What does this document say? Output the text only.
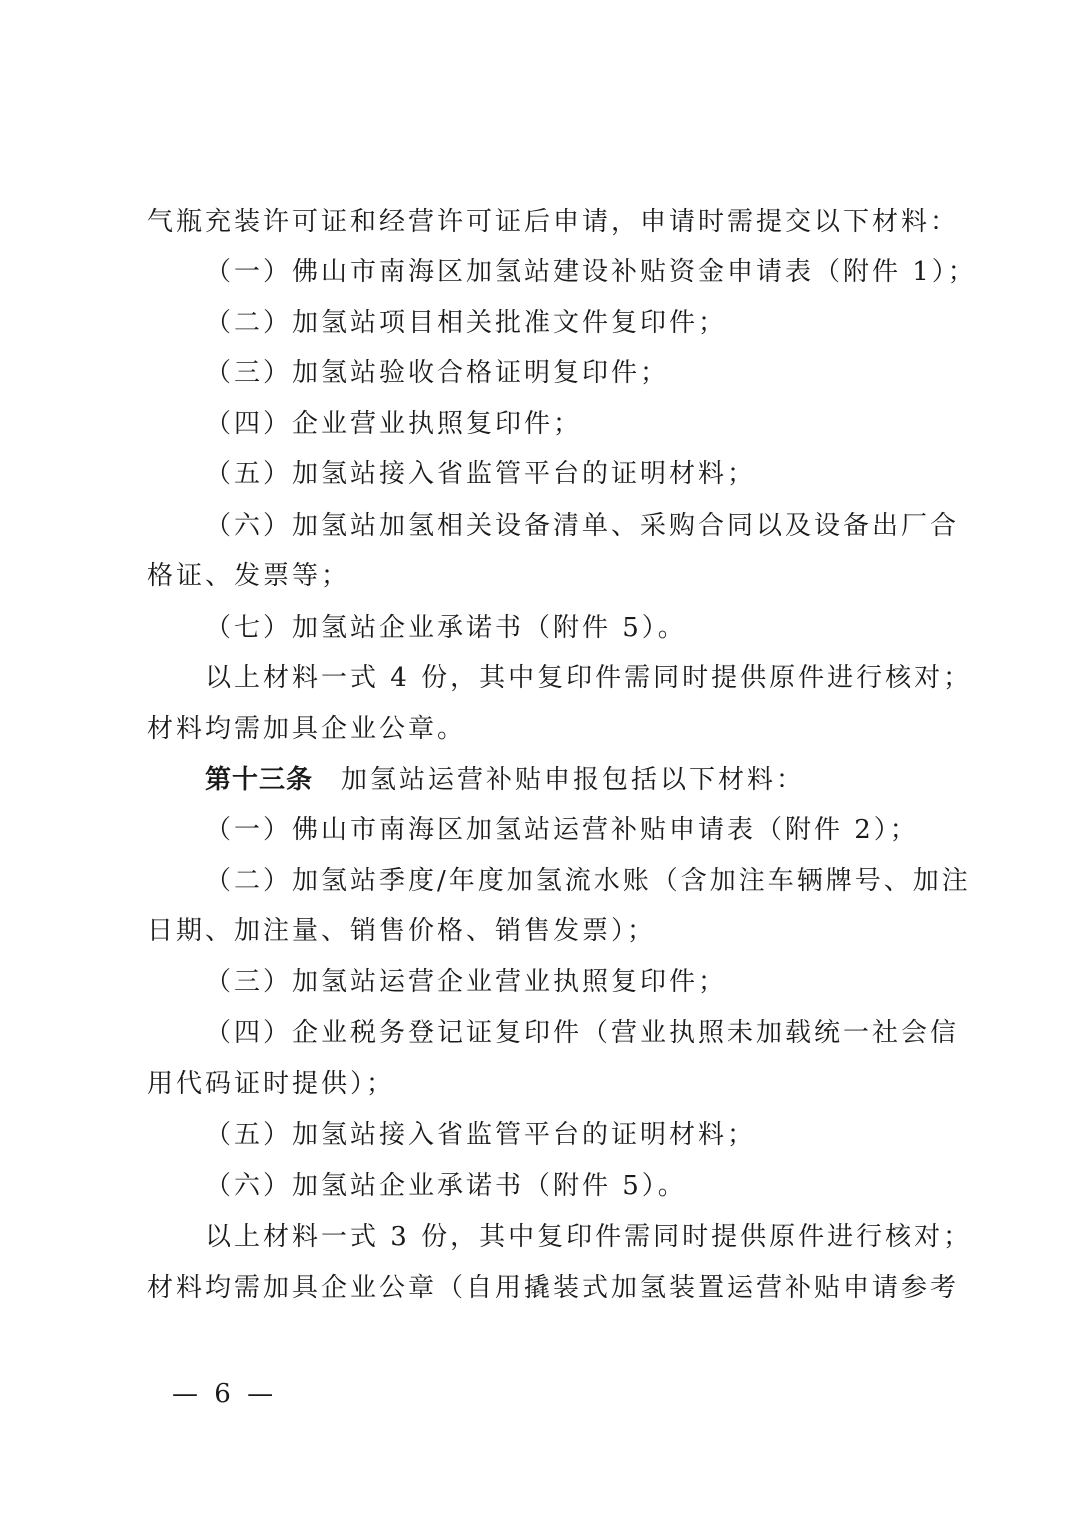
气瓶充装许可证和经营许可证后申请，申请时需提交以下材料：
（一）佛山市南海区加氢站建设补贴资金申请表（附件 1）；
（二）加氢站项目相关批准文件复印件；
（三）加氢站验收合格证明复印件；
（四）企业营业执照复印件；
（五）加氢站接入省监管平台的证明材料；
（六）加氢站加氢相关设备清单、采购合同以及设备出厂合
格证、发票等；
（七）加氢站企业承诺书（附件 5）。
以上材料一式 4 份，其中复印件需同时提供原件进行核对；
材料均需加具企业公章。
第十三条 加氢站运营补贴申报包括以下材料：
（一）佛山市南海区加氢站运营补贴申请表（附件 2）；
（二）加氢站季度/年度加氢流水账（含加注车辆牌号、加注
日期、加注量、销售价格、销售发票）；
（三）加氢站运营企业营业执照复印件；
（四）企业税务登记证复印件（营业执照未加载统一社会信
用代码证时提供）；
（五）加氢站接入省监管平台的证明材料；
（六）加氢站企业承诺书（附件 5）。
以上材料一式 3 份，其中复印件需同时提供原件进行核对；
材料均需加具企业公章（自用撬装式加氢装置运营补贴申请参考
— 6 —
